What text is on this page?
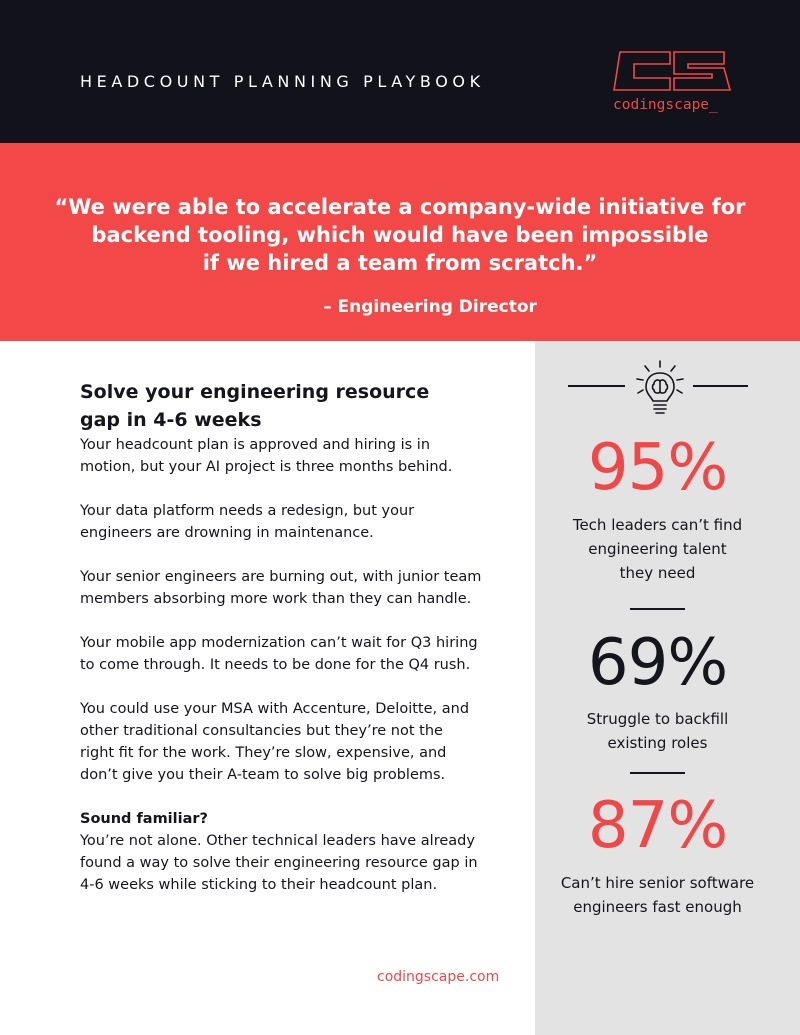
HEADCOUNT PLANNING PLAYBOOK
codingscape_
“We were able to accelerate a company-wide initiative for
backend tooling, which would have been impossible
if we hired a team from scratch.”
– Engineering Director
Solve your engineering resource
gap in 4-6 weeks
Your headcount plan is approved and hiring is in
motion, but your AI project is three months behind.
Your data platform needs a redesign, but your
engineers are drowning in maintenance.
Your senior engineers are burning out, with junior team
members absorbing more work than they can handle.
Your mobile app modernization can’t wait for Q3 hiring
to come through. It needs to be done for the Q4 rush.
You could use your MSA with Accenture, Deloitte, and
other traditional consultancies but they’re not the
right fit for the work. They’re slow, expensive, and
don’t give you their A-team to solve big problems.
Sound familiar?
You’re not alone. Other technical leaders have already
found a way to solve their engineering resource gap in
4-6 weeks while sticking to their headcount plan.
95%
Tech leaders can’t find
engineering talent
they need
69%
Struggle to backfill
existing roles
87%
Can’t hire senior software
engineers fast enough
codingscape.com
